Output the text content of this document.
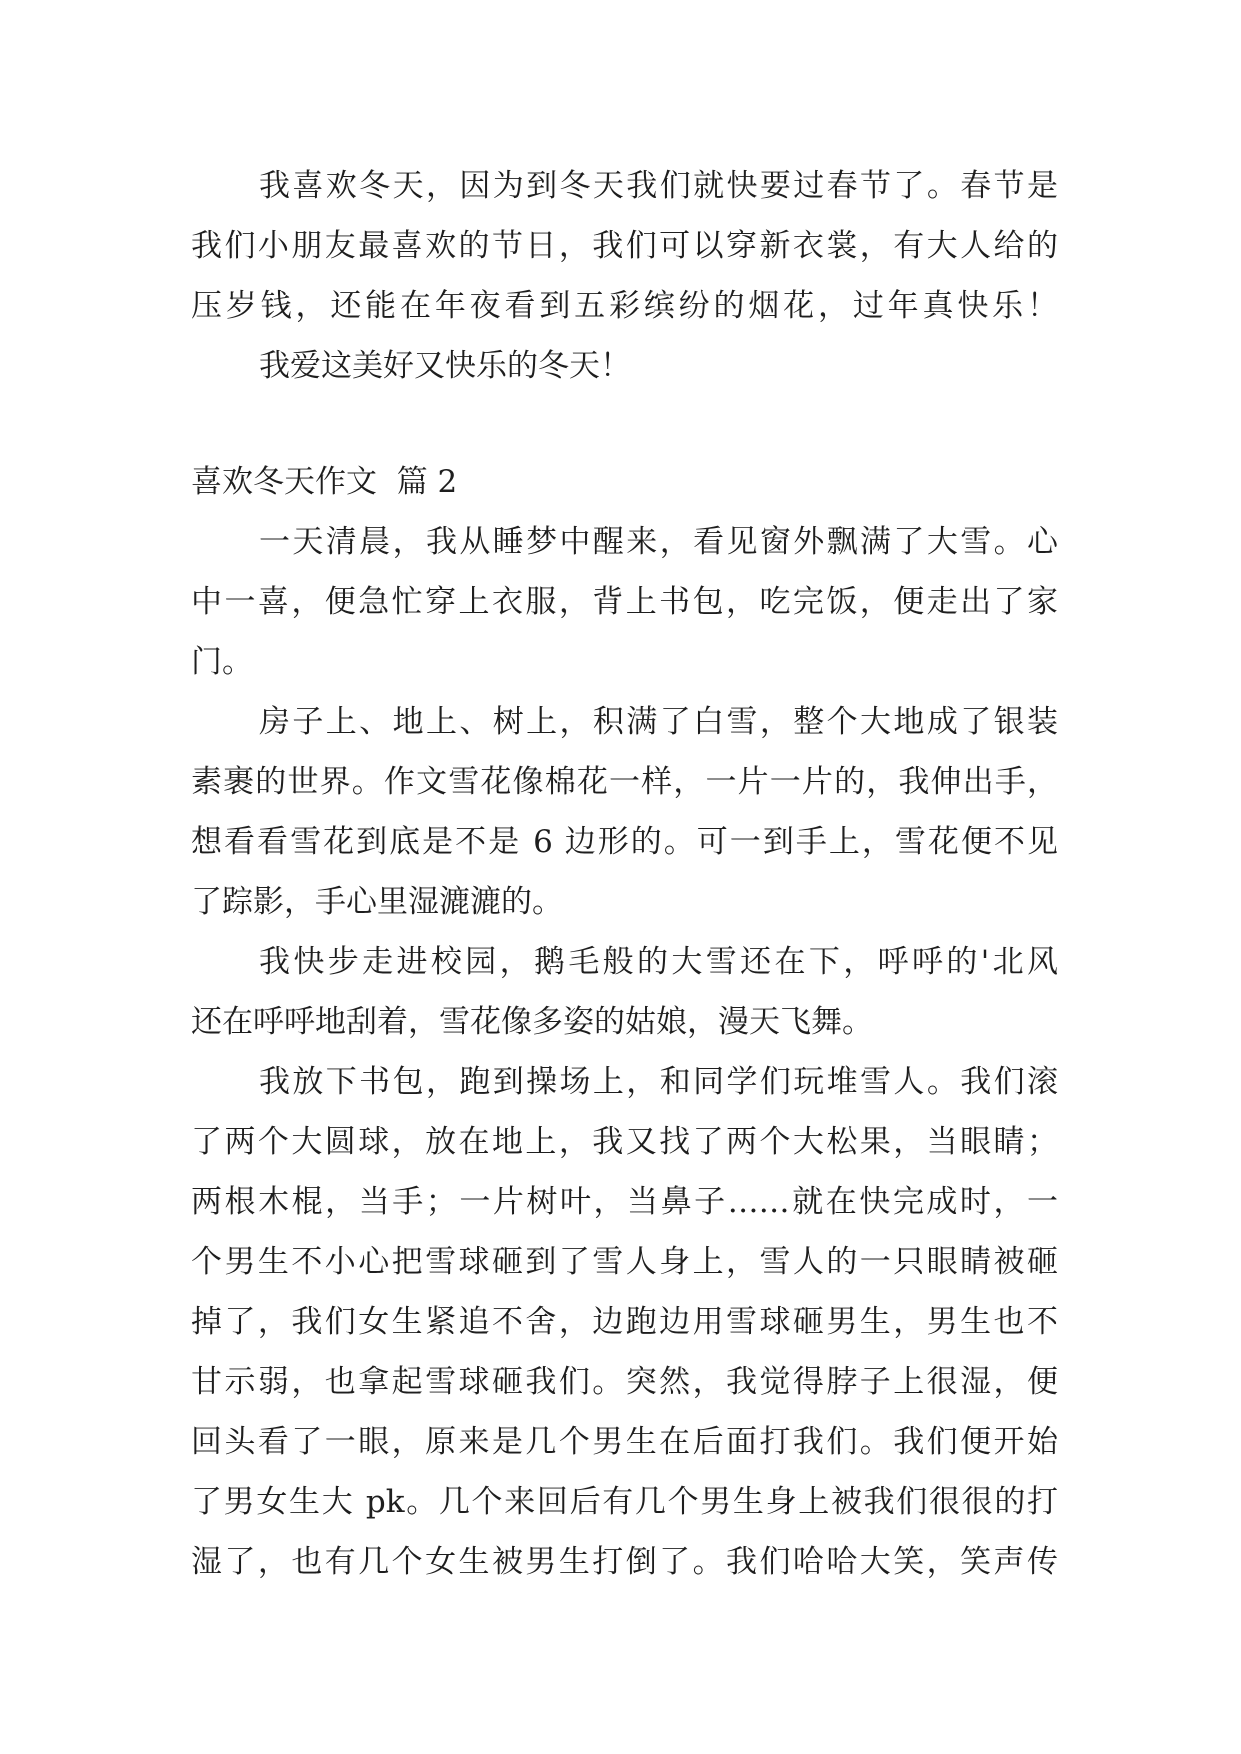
我喜欢冬天，因为到冬天我们就快要过春节了。春节是
我们小朋友最喜欢的节日，我们可以穿新衣裳，有大人给的
压岁钱，还能在年夜看到五彩缤纷的烟花，过年真快乐！
我爱这美好又快乐的冬天！
喜欢冬天作文  篇 2
一天清晨，我从睡梦中醒来，看见窗外飘满了大雪。心
中一喜，便急忙穿上衣服，背上书包，吃完饭，便走出了家
门。
房子上、地上、树上，积满了白雪，整个大地成了银装
素裹的世界。作文雪花像棉花一样，一片一片的，我伸出手，
想看看雪花到底是不是 6 边形的。可一到手上，雪花便不见
了踪影，手心里湿漉漉的。
我快步走进校园，鹅毛般的大雪还在下，呼呼的'北风
还在呼呼地刮着，雪花像多姿的姑娘，漫天飞舞。
我放下书包，跑到操场上，和同学们玩堆雪人。我们滚
了两个大圆球，放在地上，我又找了两个大松果，当眼睛；
两根木棍，当手；一片树叶，当鼻子……就在快完成时，一
个男生不小心把雪球砸到了雪人身上，雪人的一只眼睛被砸
掉了，我们女生紧追不舍，边跑边用雪球砸男生，男生也不
甘示弱，也拿起雪球砸我们。突然，我觉得脖子上很湿，便
回头看了一眼，原来是几个男生在后面打我们。我们便开始
了男女生大 pk。几个来回后有几个男生身上被我们很很的打
湿了，也有几个女生被男生打倒了。我们哈哈大笑，笑声传
